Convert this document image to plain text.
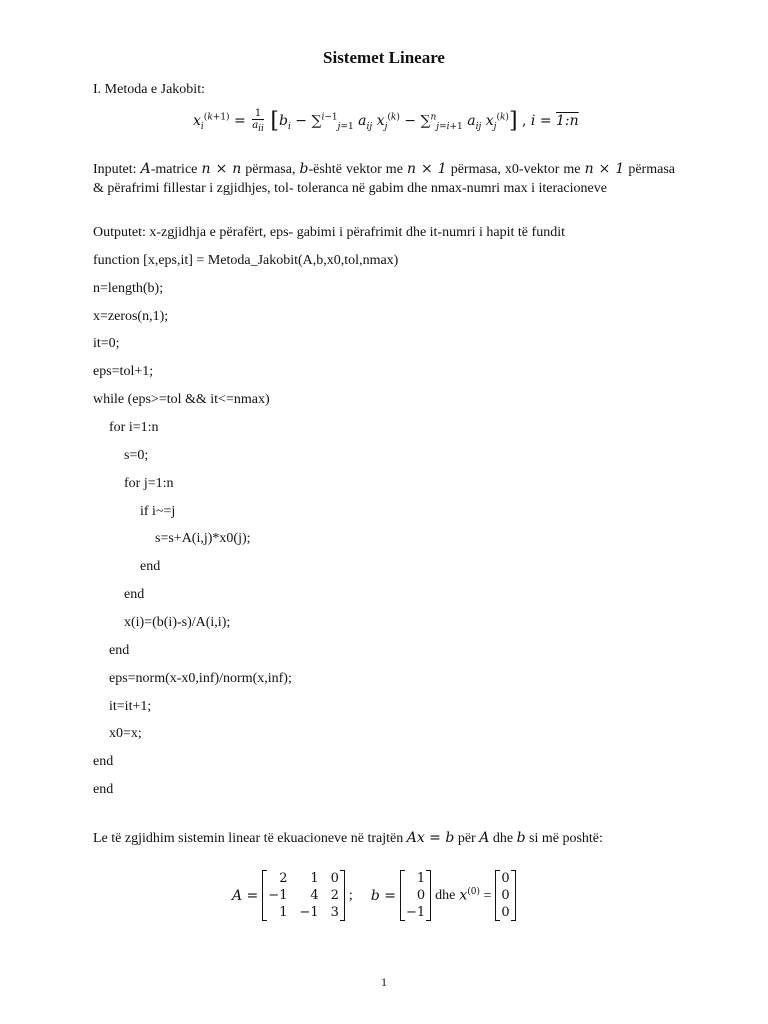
Sistemet Lineare
I. Metoda e Jakobit:
$x_i^{(k+1)} = \frac{1}{a_{ii}} [b_i - \sum^{i-1}_{j=1}$ $a_{ij}$ $x_j^{(k)} - \sum^n_{j=i+1}$ $a_{ij}$ $x_j^{(k)}$] , i = 1:n
Inputet: A-matrice n × n përmasa, b-është vektor me n × 1 përmasa, x0-vektor me n × 1 përmasa & përafrimi fillestar i zgjidhjes, tol- toleranca në gabim dhe nmax-numri max i iteracioneve
Outputet: x-zgjidhja e përafërt, eps- gabimi i përafrimit dhe it-numri i hapit të fundit
function [x,eps,it] = Metoda_Jakobit(A,b,x0,tol,nmax)
n=length(b);
x=zeros(n,1);
it=0;
eps=tol+1;
while (eps>=tol && it<=nmax)
for i=1:n
s=0;
for j=1:n
if i~=j
s=s+A(i,j)*x0(j);
end
end
x(i)=(b(i)-s)/A(i,i);
end
eps=norm(x-x0,inf)/norm(x,inf);
it=it+1;
x0=x;
end
end
Le të zgjidhim sistemin linear të ekuacioneve në trajtën Ax = b për A dhe b si më poshtë:
A =
2	1	0
−1	4	2
1	−1	3
; b =
1
0
−1
dhe $x^{(0)}$ =
0
0
0
1
